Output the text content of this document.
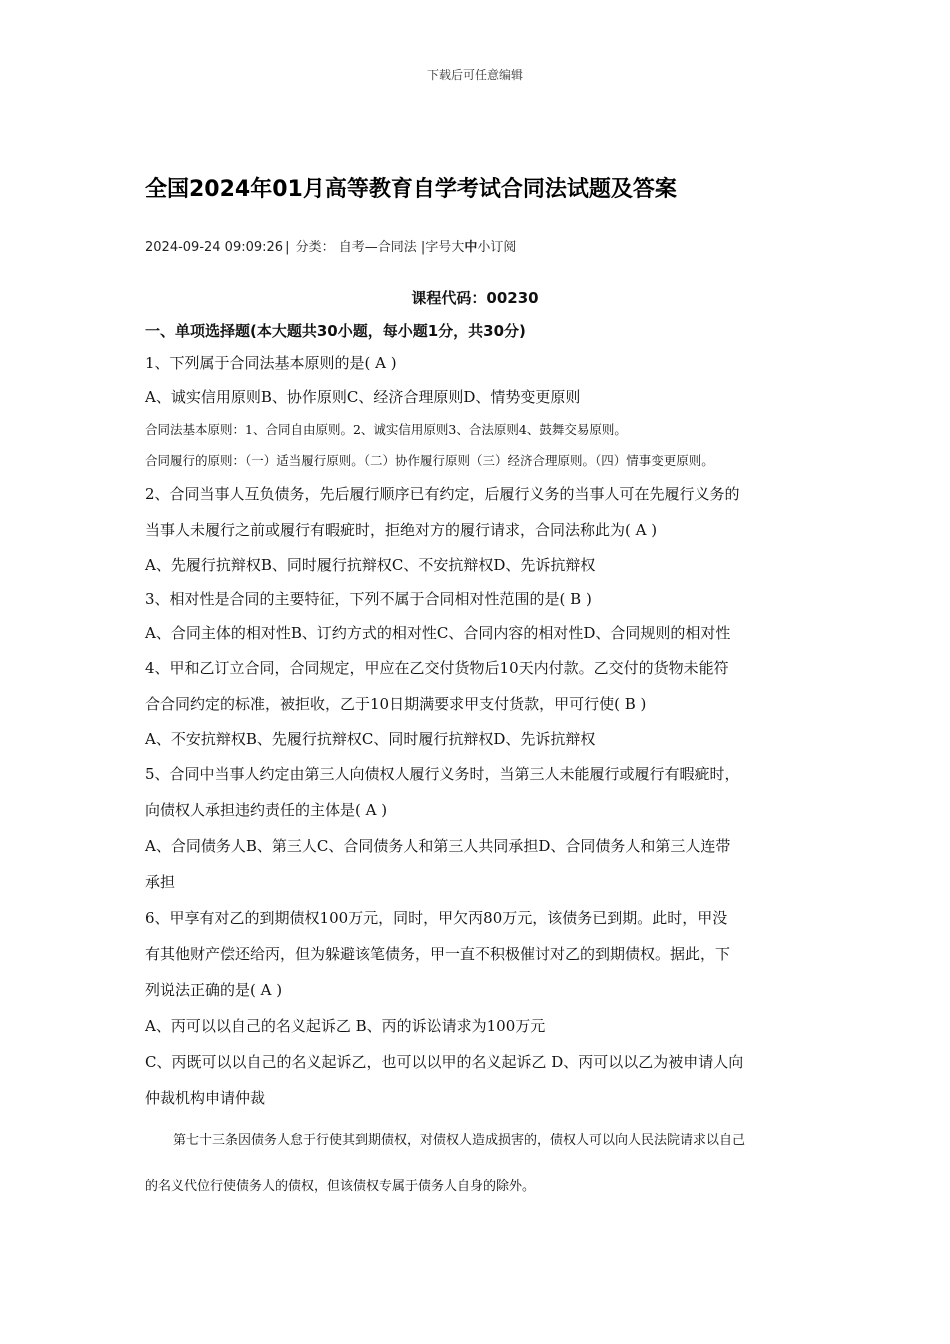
下载后可任意编辑
全国2024年01月高等教育自学考试合同法试题及答案
2024-09-24 09:09:26 | 分类： 自考—合同法 |字号大中小订阅
课程代码：00230
一、单项选择题(本大题共30小题，每小题1分，共30分)
1、下列属于合同法基本原则的是( A )
A、诚实信用原则B、协作原则C、经济合理原则D、情势变更原则
合同法基本原则：1、合同自由原则。2、诚实信用原则3、合法原则4、鼓舞交易原则。
合同履行的原则：（一）适当履行原则。（二）协作履行原则（三）经济合理原则。（四）情事变更原则。
2、合同当事人互负债务，先后履行顺序已有约定，后履行义务的当事人可在先履行义务的
当事人未履行之前或履行有暇疵时，拒绝对方的履行请求，合同法称此为( A )
A、先履行抗辩权B、同时履行抗辩权C、不安抗辩权D、先诉抗辩权
3、相对性是合同的主要特征，下列不属于合同相对性范围的是( B )
A、合同主体的相对性B、订约方式的相对性C、合同内容的相对性D、合同规则的相对性
4、甲和乙订立合同，合同规定，甲应在乙交付货物后10天内付款。乙交付的货物未能符
合合同约定的标准，被拒收，乙于10日期满要求甲支付货款，甲可行使( B )
A、不安抗辩权B、先履行抗辩权C、同时履行抗辩权D、先诉抗辩权
5、合同中当事人约定由第三人向债权人履行义务时，当第三人未能履行或履行有暇疵时，
向债权人承担违约责任的主体是( A )
A、合同债务人B、第三人C、合同债务人和第三人共同承担D、合同债务人和第三人连带
承担
6、甲享有对乙的到期债权100万元，同时，甲欠丙80万元，该债务已到期。此时，甲没
有其他财产偿还给丙，但为躲避该笔债务，甲一直不积极催讨对乙的到期债权。据此，下
列说法正确的是( A )
A、丙可以以自己的名义起诉乙 B、丙的诉讼请求为100万元
C、丙既可以以自己的名义起诉乙，也可以以甲的名义起诉乙 D、丙可以以乙为被申请人向
仲裁机构申请仲裁
第七十三条因债务人怠于行使其到期债权，对债权人造成损害的，债权人可以向人民法院请求以自己
的名义代位行使债务人的债权，但该债权专属于债务人自身的除外。
